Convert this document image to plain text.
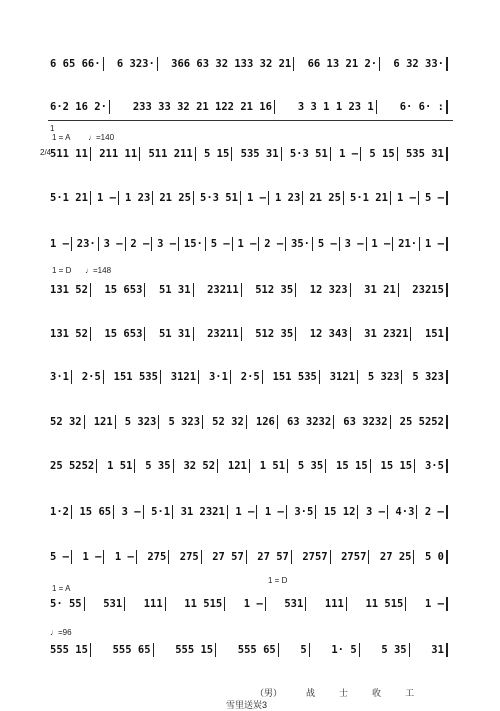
6 65 66· 6 323· 366 63 32 133 32 21 66 13 21 2· 6 32 33·
6·2 16 2· 233 33 32 21 122 21 16 3 3 1 1 23 1 6· 6· :
1
1 = A ♩=140
2/4
511 11 211 11 511 211 5 15 535 31 5·3 51 1 – 5 15 535 31
5·1 21 1 – 1 23 21 25 5·3 51 1 – 1 23 21 25 5·1 21 1 – 5 –
1 – 23· 3 – 2 – 3 – 15· 5 – 1 – 2 – 35· 5 – 3 – 1 – 21· 1 –
1 = D ♩=148
131 52 15 653 51 31 23211 512 35 12 323 31 21 23215
131 52 15 653 51 31 23211 512 35 12 343 31 2321 151
3·1 2·5 151 535 3121 3·1 2·5 151 535 3121 5 323 5 323
52 32 121 5 323 5 323 52 32 126 63 3232 63 3232 25 5252
25 5252 1 51 5 35 32 52 121 1 51 5 35 15 15 15 15 3·5
1·2 15 65 3 – 5·1 31 2321 1 – 1 – 3·5 15 12 3 – 4·3 2 –
5 – 1 – 1 – 275 275 27 57 27 57 2757 2757 27 25 5 0
1 = A
1 = D
5· 55 531 111 11 515 1 – 531 111 11 515 1 –
♩=96
555 15 555 65 555 15 555 65 5 1· 5 5 35 31
（男）	战	士	收	工
雪里送炭3
